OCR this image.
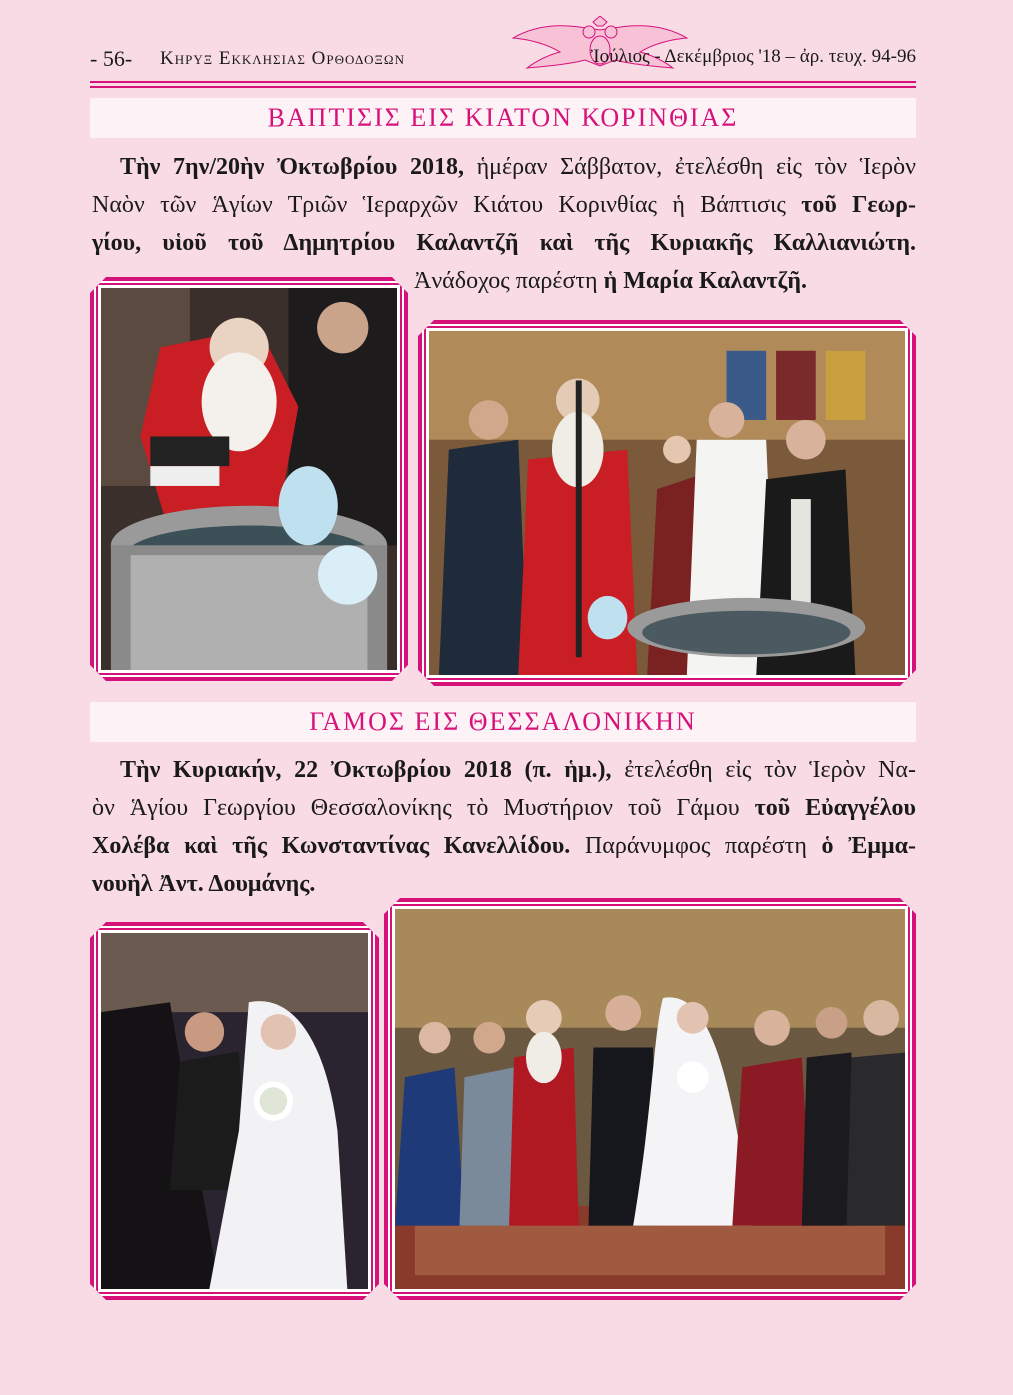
- 56- Κηρυξ Εκκλησιας Ορθοδοξων	Ἰούλιος - Δεκέμβριος '18 – ἀρ. τευχ. 94-96
ΒΑΠΤΙΣΙΣ ΕΙΣ ΚΙΑΤΟΝ ΚΟΡΙΝΘΙΑΣ
Τὴν 7ην/20ὴν Ὀκτωβρίου 2018, ἡμέραν Σάββατον, ἐτελέσθη εἰς τὸν Ἱερὸν
Ναὸν τῶν Ἁγίων Τριῶν Ἱεραρχῶν Κιάτου Κορινθίας ἡ Βάπτισις τοῦ Γεωρ-
γίου, υἱοῦ τοῦ Δημητρίου Καλαντζῆ καὶ τῆς Κυριακῆς Καλλιανιώτη.
Ἀνάδοχος παρέστη ἡ Μαρία Καλαντζῆ.
ΓΑΜΟΣ ΕΙΣ ΘΕΣΣΑΛΟΝΙΚΗΝ
Τὴν Κυριακήν, 22 Ὀκτωβρίου 2018 (π. ἡμ.), ἐτελέσθη εἰς τὸν Ἱερὸν Να-
ὸν Ἁγίου Γεωργίου Θεσσαλονίκης τὸ Μυστήριον τοῦ Γάμου τοῦ Εὐαγγέλου
Χολέβα καὶ τῆς Κωνσταντίνας Κανελλίδου. Παράνυμφος παρέστη ὁ Ἐμμα-
νουὴλ Ἀντ. Δουμάνης.
